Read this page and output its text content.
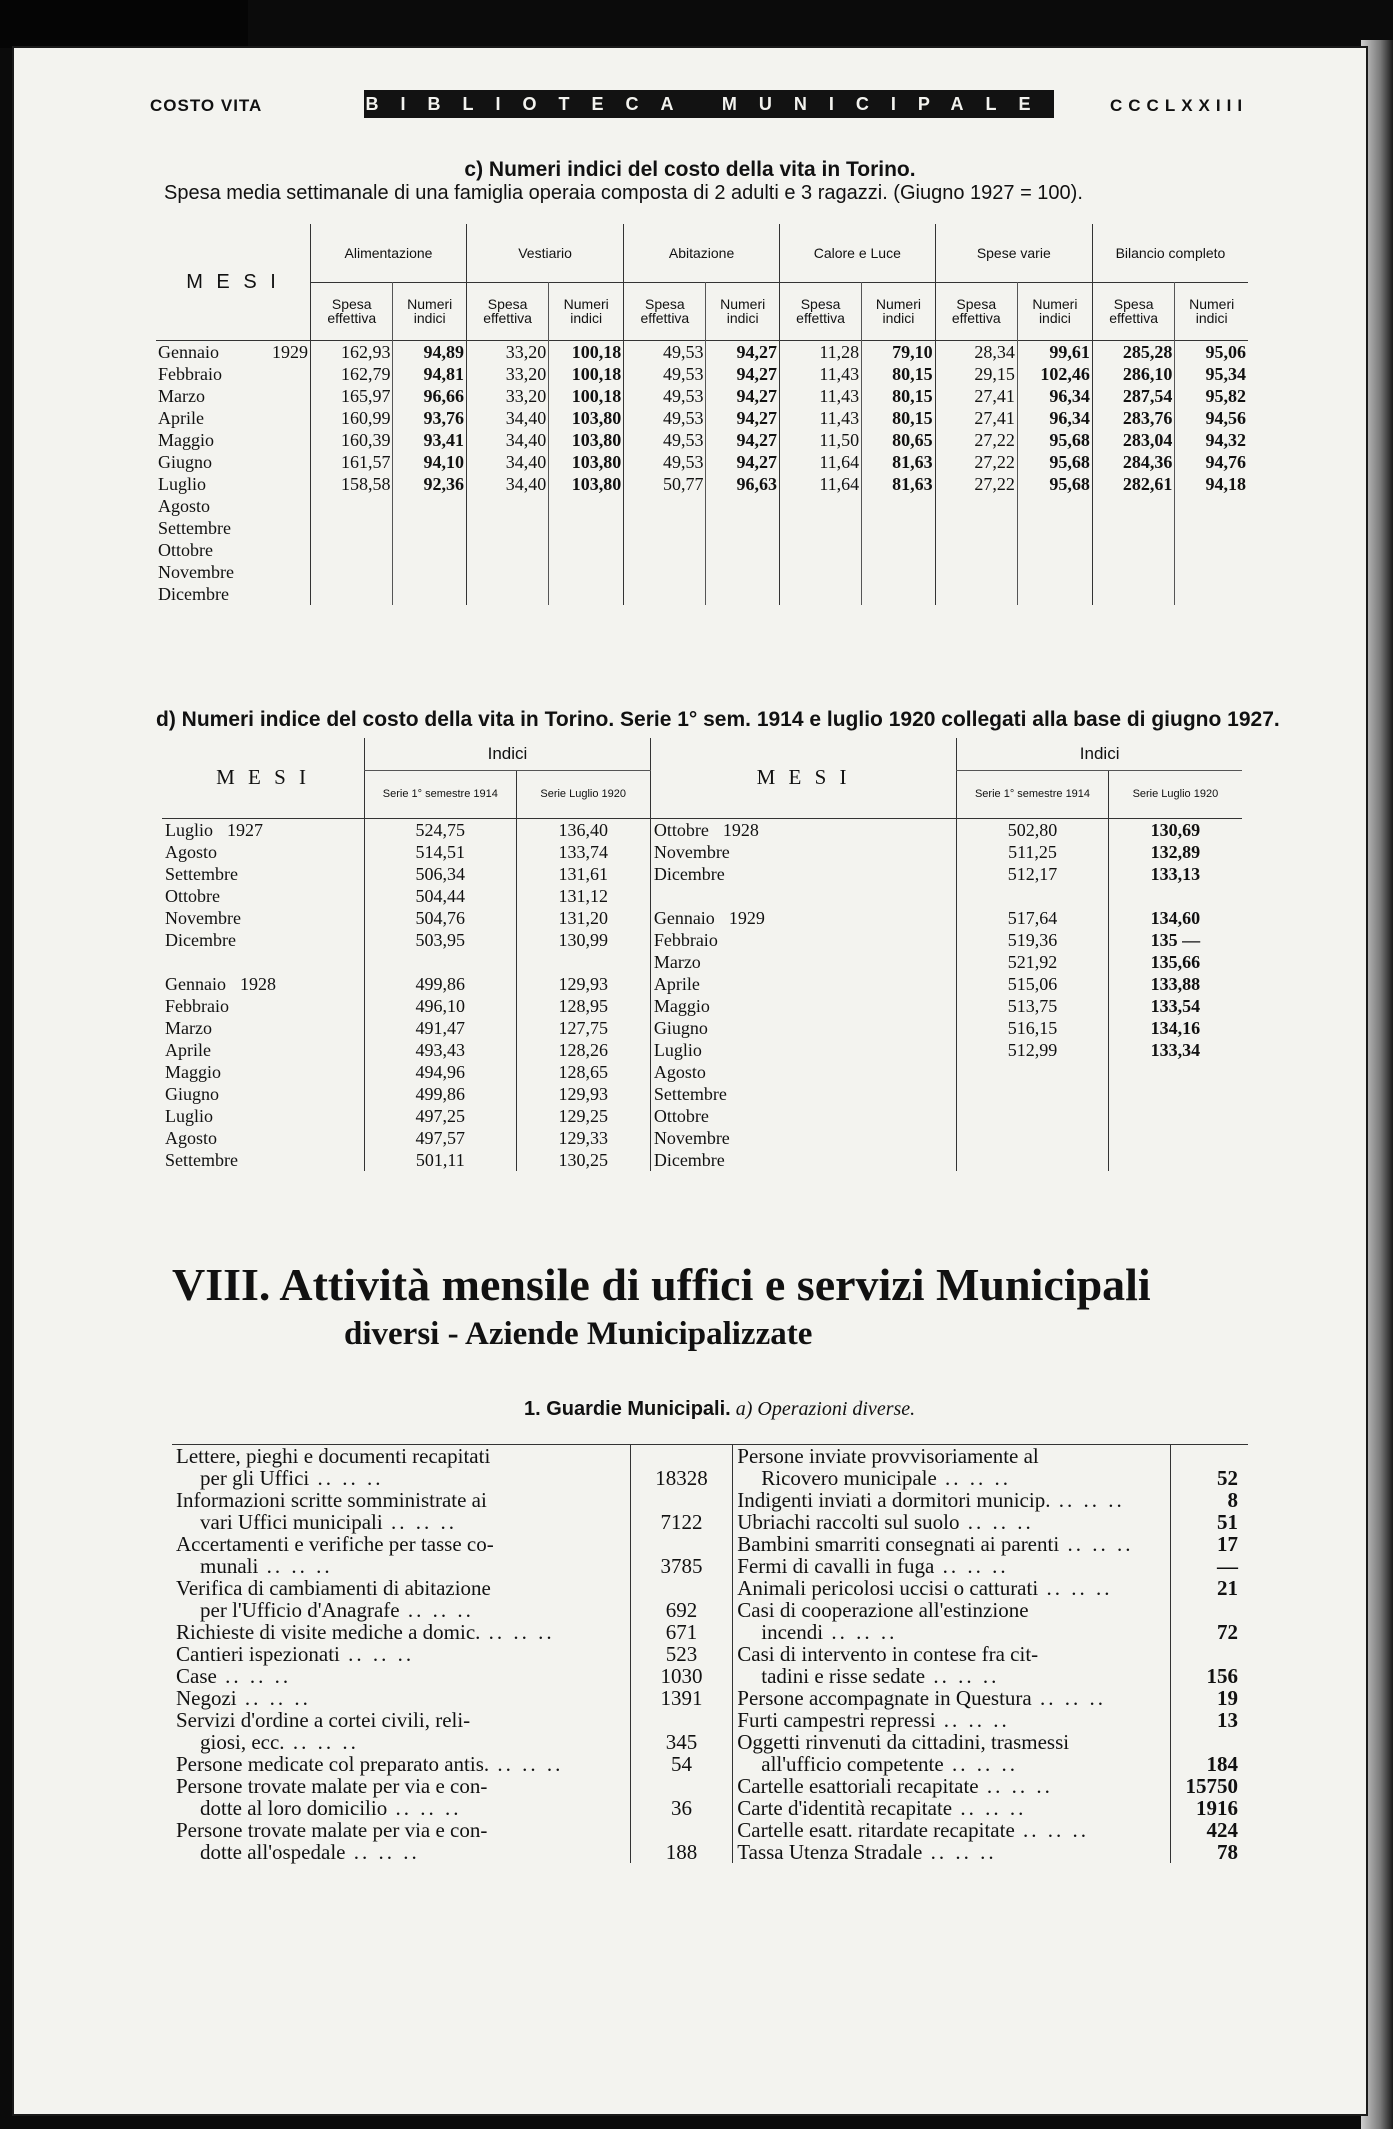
COSTO VITA	BIBLIOTECA MUNICIPALE	CCCLXXIII
c) Numeri indici del costo della vita in Torino.
Spesa media settimanale di una famiglia operaia composta di 2 adulti e 3 ragazzi. (Giugno 1927 = 100).
M E S I	Alimentazione		Vestiario		Abitazione		Calore e Luce		Spese varie		Bilancio completo	
	Spesa effettiva	Numeri indici	Spesa effettiva	Numeri indici	Spesa effettiva	Numeri indici	Spesa effettiva	Numeri indici	Spesa effettiva	Numeri indici	Spesa effettiva	Numeri indici
Gennaio 1929	162,93	94,89	33,20	100,18	49,53	94,27	11,28	79,10	28,34	99,61	285,28	95,06
Febbraio	162,79	94,81	33,20	100,18	49,53	94,27	11,43	80,15	29,15	102,46	286,10	95,34
Marzo	165,97	96,66	33,20	100,18	49,53	94,27	11,43	80,15	27,41	96,34	287,54	95,82
Aprile	160,99	93,76	34,40	103,80	49,53	94,27	11,43	80,15	27,41	96,34	283,76	94,56
Maggio	160,39	93,41	34,40	103,80	49,53	94,27	11,50	80,65	27,22	95,68	283,04	94,32
Giugno	161,57	94,10	34,40	103,80	49,53	94,27	11,64	81,63	27,22	95,68	284,36	94,76
Luglio	158,58	92,36	34,40	103,80	50,77	96,63	11,64	81,63	27,22	95,68	282,61	94,18
Agosto												
Settembre												
Ottobre												
Novembre												
Dicembre												
d) Numeri indice del costo della vita in Torino. Serie 1° sem. 1914 e luglio 1920 collegati alla base di giugno 1927.
M E S I	Indici		M E S I	Indici	
	Serie 1° semestre 1914	Serie Luglio 1920		Serie 1° semestre 1914	Serie Luglio 1920
Luglio 1927	524,75	136,40	Ottobre 1928	502,80	130,69
Agosto	514,51	133,74	Novembre	511,25	132,89
Settembre	506,34	131,61	Dicembre	512,17	133,13
Ottobre	504,44	131,12			
Novembre	504,76	131,20	Gennaio 1929	517,64	134,60
Dicembre	503,95	130,99	Febbraio	519,36	135 —
			Marzo	521,92	135,66
Gennaio 1928	499,86	129,93	Aprile	515,06	133,88
Febbraio	496,10	128,95	Maggio	513,75	133,54
Marzo	491,47	127,75	Giugno	516,15	134,16
Aprile	493,43	128,26	Luglio	512,99	133,34
Maggio	494,96	128,65	Agosto		
Giugno	499,86	129,93	Settembre		
Luglio	497,25	129,25	Ottobre		
Agosto	497,57	129,33	Novembre		
Settembre	501,11	130,25	Dicembre		
VIII. Attività mensile di uffici e servizi Municipali
diversi - Aziende Municipalizzate
1. Guardie Municipali. a) Operazioni diverse.
Lettere, pieghi e documenti recapitati		Persone inviate provvisoriamente al	
per gli Uffici .. .. ..	18328	Ricovero municipale .. .. ..	52
Informazioni scritte somministrate ai		Indigenti inviati a dormitori municip. .. .. ..	8
vari Uffici municipali .. .. ..	7122	Ubriachi raccolti sul suolo .. .. ..	51
Accertamenti e verifiche per tasse co-		Bambini smarriti consegnati ai parenti .. .. ..	17
munali .. .. ..	3785	Fermi di cavalli in fuga .. .. ..	—
Verifica di cambiamenti di abitazione		Animali pericolosi uccisi o catturati .. .. ..	21
per l'Ufficio d'Anagrafe .. .. ..	692	Casi di cooperazione all'estinzione	
Richieste di visite mediche a domic. .. .. ..	671	incendi .. .. ..	72
Cantieri ispezionati .. .. ..	523	Casi di intervento in contese fra cit-	
Case .. .. ..	1030	tadini e risse sedate .. .. ..	156
Negozi .. .. ..	1391	Persone accompagnate in Questura .. .. ..	19
Servizi d'ordine a cortei civili, reli-		Furti campestri repressi .. .. ..	13
giosi, ecc. .. .. ..	345	Oggetti rinvenuti da cittadini, trasmessi	
Persone medicate col preparato antis. .. .. ..	54	all'ufficio competente .. .. ..	184
Persone trovate malate per via e con-		Cartelle esattoriali recapitate .. .. ..	15750
dotte al loro domicilio .. .. ..	36	Carte d'identità recapitate .. .. ..	1916
Persone trovate malate per via e con-		Cartelle esatt. ritardate recapitate .. .. ..	424
dotte all'ospedale .. .. ..	188	Tassa Utenza Stradale .. .. ..	78
